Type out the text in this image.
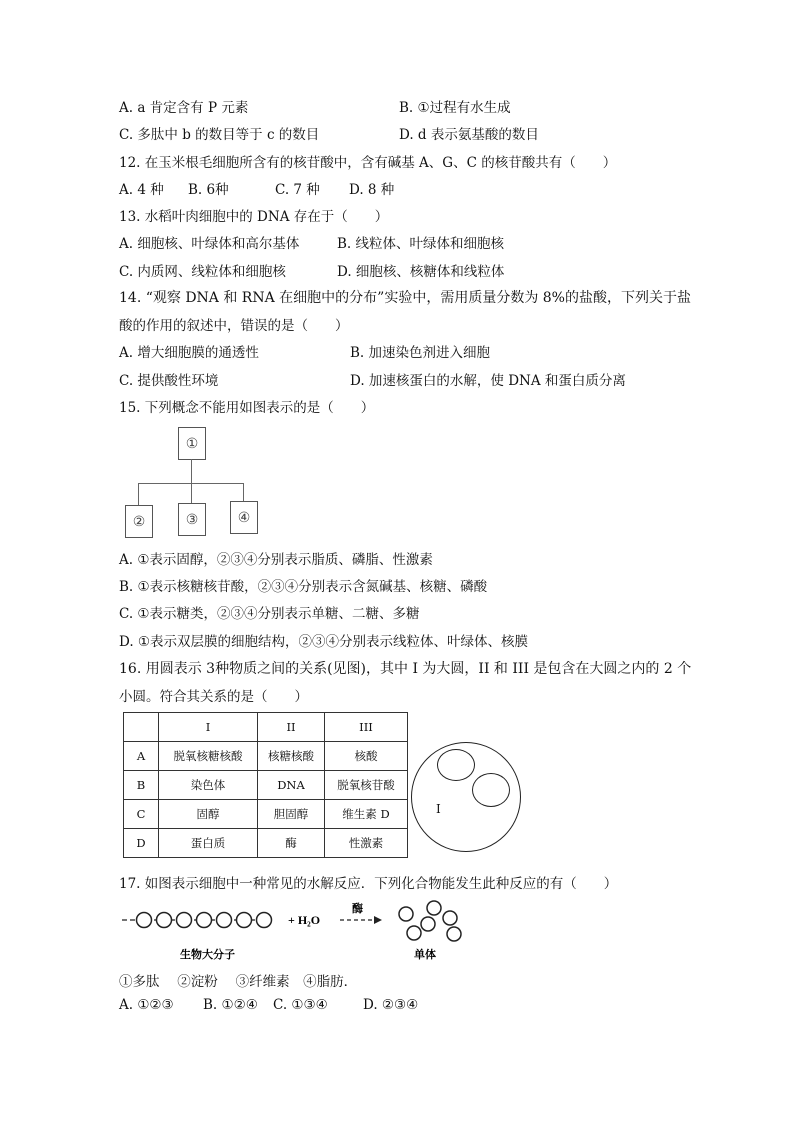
A. a 肯定含有 P 元素	B. ①过程有水生成
C. 多肽中 b 的数目等于 c 的数目	D. d 表示氨基酸的数目
12. 在玉米根毛细胞所含有的核苷酸中，含有碱基 A、G、C 的核苷酸共有（　　）
A. 4 种 B. 6种	C. 7 种 D. 8 种
13. 水稻叶肉细胞中的 DNA 存在于（　　）
A. 细胞核、叶绿体和高尔基体	B. 线粒体、叶绿体和细胞核
C. 内质网、线粒体和细胞核	D. 细胞核、核糖体和线粒体
14. “观察 DNA 和 RNA 在细胞中的分布”实验中，需用质量分数为 8%的盐酸，下列关于盐
酸的作用的叙述中，错误的是（　　）
A. 增大细胞膜的通透性	B. 加速染色剂进入细胞
C. 提供酸性环境	D. 加速核蛋白的水解，使 DNA 和蛋白质分离
15. 下列概念不能用如图表示的是（　　）
①
②	③	④
A. ①表示固醇，②③④分别表示脂质、磷脂、性激素
B. ①表示核糖核苷酸，②③④分别表示含氮碱基、核糖、磷酸
C. ①表示糖类，②③④分别表示单糖、二糖、多糖
D. ①表示双层膜的细胞结构，②③④分别表示线粒体、叶绿体、核膜
16. 用圆表示 3种物质之间的关系(见图)，其中 I 为大圆，II 和 III 是包含在大圆之内的 2 个
小圆。符合其关系的是（　　）
	I	II	III
A	脱氧核糖核酸	核糖核酸	核酸
B	染色体	DNA	脱氧核苷酸
C	固醇	胆固醇	维生素 D
D	蛋白质	酶	性激素
I
17. 如图表示细胞中一种常见的水解反应．下列化合物能发生此种反应的有（　　）
+ H₂O
酶
生物大分子	单体
①多肽　 ②淀粉　 ③纤维素　④脂肪．
A. ①②③ B. ①②④ C. ①③④	D. ②③④
